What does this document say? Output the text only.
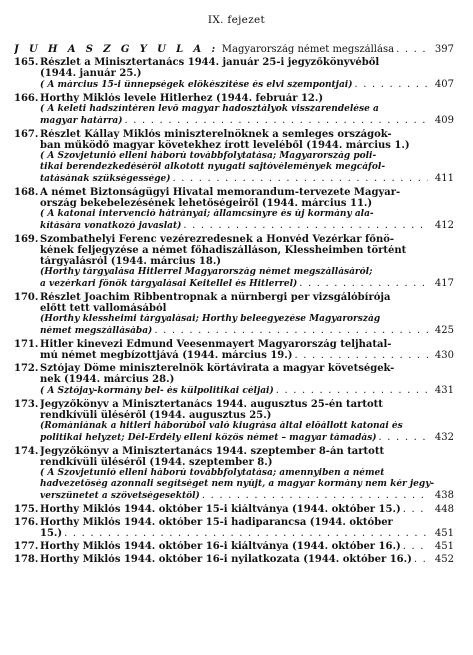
IX. fejezet
J U H Á S Z G Y U L A : Magyarország német megszállása . . .	397
165. Részlet a Minisztertanács 1944. január 25-i jegyzőkönyvéből
(1944. január 25.)
( A március 15-i ünnepségek előkészítése és elvi szempontjai) . . .	407
166. Horthy Miklós levele Hitlerhez (1944. február 12.)
( A keleti hadszíntéren levő magyar hadosztályok visszarendelése a
magyar határra) . . .	409
167. Részlet Kállay Miklós miniszterelnöknek a semleges országok-
ban működő magyar követekhez írott leveléből (1944. március 1.)
( A Szovjetunió elleni háború továbbfolytatása; Magyarország poli-
tikai berendezkedéséről alkotott nyugati sajtóvélemények megcáfol-
tatásának szükségessége) . . .	411
168. A német Biztonságügyi Hivatal memorandum-tervezete Magyar-
ország bekebelezésének lehetőségeiről (1944. március 11.)
( A katonai intervenció hátrányai; államcsínyre és új kormány ala-
kítására vonatkozó javaslat) . . .	412
169. Szombathelyi Ferenc vezérezredesnek a Honvéd Vezérkar főnö-
kének feljegyzése a német főhadiszálláson, Klessheimben történt
tárgyalásról (1944. március 18.)
(Horthy tárgyalása Hitlerrel Magyarország német megszállásáról;
a vezérkari főnök tárgyalásai Keitellel és Hitlerrel) . . .	417
170. Részlet Joachim Ribbentropnak a nürnbergi per vizsgálóbírója
előtt tett vallomásából
(Horthy klessheimi tárgyalásai; Horthy beleegyezése Magyarország
német megszállásába) . . .	425
171. Hitler kinevezi Edmund Veesenmayert Magyarország teljhatal-
mú német megbízottjává (1944. március 19.) . . .	430
172. Sztójay Döme miniszterelnök körtávirata a magyar követségek-
nek (1944. március 28.)
( A Sztójay-kormány bel- és külpolitikai céljai) . . .	431
173. Jegyzőkönyv a Minisztertanács 1944. augusztus 25-én tartott
rendkívüli üléséről (1944. augusztus 25.)
(Romániának a hitleri háborúból való kiugrása által előállott katonai és
politikai helyzet; Dél-Erdély elleni közös német – magyar támadás) . . .	432
174. Jegyzőkönyv a Minisztertanács 1944. szeptember 8-án tartott
rendkívüli üléséről (1944. szeptember 8.)
( A Szovjetunió elleni háború továbbfolytatása; amennyiben a német
hadvezetőség azonnali segítséget nem nyújt, a magyar kormány nem kér jegy-
verszünetet a szövetségesektől) . . .	438
175. Horthy Miklós 1944. október 15-i kiáltványa (1944. október 15.) . . .	448
176. Horthy Miklós 1944. október 15-i hadiparancsa (1944. október
15.) . . .	451
177. Horthy Miklós 1944. október 16-i kiáltványa (1944. október 16.) . . .	451
178. Horthy Miklós 1944. október 16-i nyilatkozata (1944. október 16.) . . .	452
